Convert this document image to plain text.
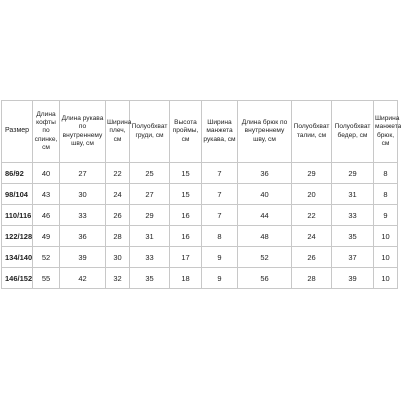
Размер	Длина кофты по спинке, см	Длина рукава по внутреннему шву, см	Ширина плеч, см	Полуобхват груди, см	Высота проймы, см	Ширина манжета рукава, см	Длина брюк по внутреннему шву, см	Полуобхват талии, см	Полуобхват бедер, см	Ширина манжета брюк, см
86/92	40	27	22	25	15	7	36	29	29	8
98/104	43	30	24	27	15	7	40	20	31	8
110/116	46	33	26	29	16	7	44	22	33	9
122/128	49	36	28	31	16	8	48	24	35	10
134/140	52	39	30	33	17	9	52	26	37	10
146/152	55	42	32	35	18	9	56	28	39	10
